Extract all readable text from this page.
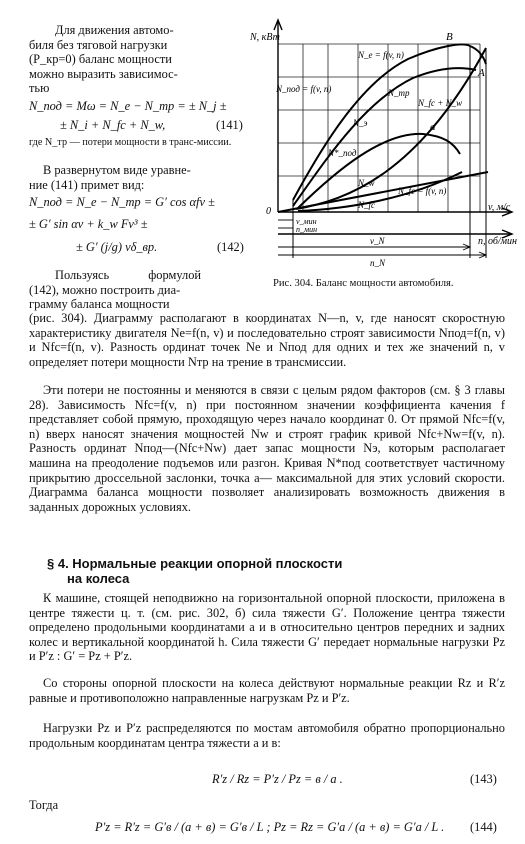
Для движения автомо-
биля без тяговой нагрузки
(P_кр=0) баланс мощности
можно выразить зависимос-
тью
N_под = Mω = N_e − N_тр = ± N_j ±
± N_i + N_fc + N_w,	(141)
где N_тр — потери мощности в транс-миссии.
В развернутом виде уравне-
ние (141) примет вид:
N_под = N_e − N_тр = G′ cos αfv ±
± G′ sin αv + k_w Fv³ ±
± G′ (j/g) vδ_вр.	(142)
Пользуясь формулой
(142), можно построить диа-
грамму баланса мощности
N, кВт
v, м/с
n, об/мин
0
B
A
a
N_e = f(v, n)
N_под = f(v, n)	N_тр
N_fc + N_w
N_э
N*_под
N_w
N_fc = f(v, n)
N_fc
v_мин
n_мин
v_N
n_N
Рис. 304. Баланс мощности автомобиля.
(рис. 304). Диаграмму располагают в координатах N—n, v, где наносят скоростную характеристику двигателя Ne=f(n, v) и последовательно строят зависимости Nпод=f(n, v) и Nfc=f(n, v). Разность ординат точек Ne и Nпод для одних и тех же значений n, v определяет потери мощности Nтр на трение в трансмиссии.
Эти потери не постоянны и меняются в связи с целым рядом факторов (см. § 3 главы 28). Зависимость Nfc=f(v, n) при постоянном значении коэффициента качения f представляет собой прямую, проходящую через начало координат 0. От прямой Nfc=f(v, n) вверх наносят значения мощностей Nw и строят график кривой Nfc+Nw=f(v, n). Разность ординат Nпод—(Nfc+Nw) дает запас мощности Nэ, которым располагает машина на преодоление подъемов или разгон. Кривая N*под соответствует частичному прикрытию дроссельной заслонки, точка a— максимальной для этих условий скорости. Диаграмма баланса мощности позволяет анализировать возможность движения в заданных дорожных условиях.
§ 4. Нормальные реакции опорной плоскости
на колеса
К машине, стоящей неподвижно на горизонтальной опорной плоскости, приложена в центре тяжести ц. т. (см. рис. 302, б) сила тяжести G′. Положение центра тяжести определено продольными координатами a и в относительно центров передних и задних колес и вертикальной координатой h. Сила тяжести G′ передает нормальные нагрузки Pz и P′z : G′ = Pz + P′z.
Со стороны опорной плоскости на колеса действуют нормальные реакции Rz и R′z равные и противоположно направленные нагрузкам Pz и P′z.
Нагрузки Pz и P′z распределяются по мостам автомобиля обратно пропорционально продольным координатам центра тяжести a и в:
R′z / Rz = P′z / Pz = в / a .	(143)
Тогда
P′z = R′z = G′в / (a + в) = G′в / L ; Pz = Rz = G′a / (a + в) = G′a / L . (144)
